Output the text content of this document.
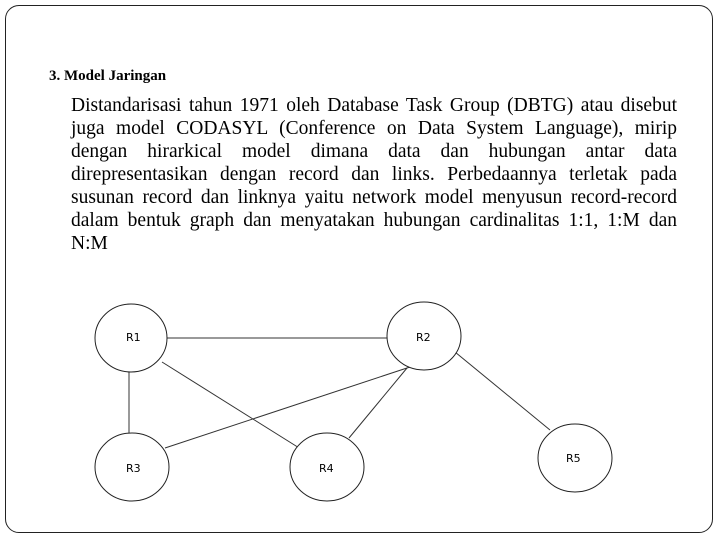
3. Model Jaringan

Distandarisasi tahun 1971 oleh Database Task Group (DBTG) atau disebut juga model CODASYL (Conference on Data System Language), mirip dengan hirarkical model dimana data dan hubungan antar data direpresentasikan dengan record dan links. Perbedaannya terletak pada susunan record dan linknya yaitu network model menyusun record-record dalam bentuk graph dan menyatakan hubungan cardinalitas 1:1, 1:M dan N:M

R1	R2
R3	R4
R5
